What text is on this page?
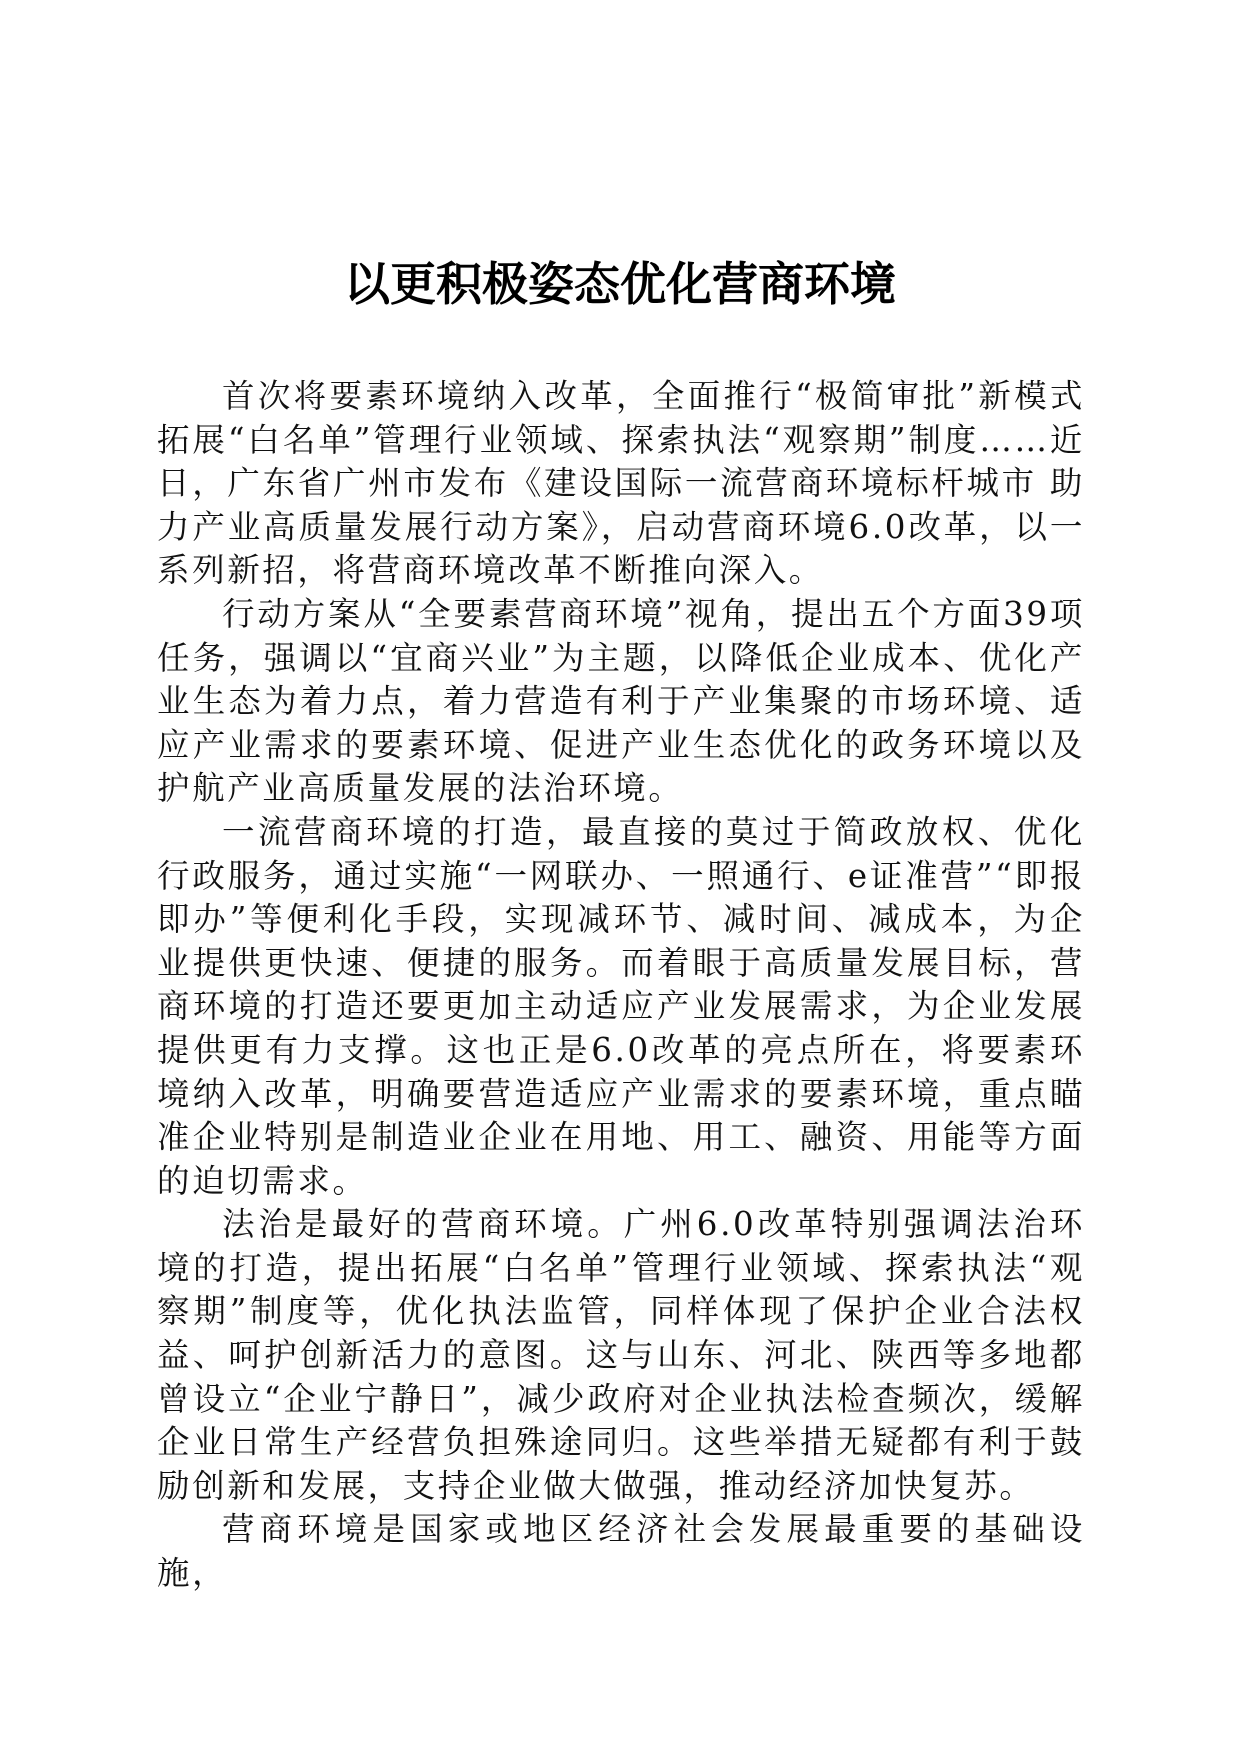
以更积极姿态优化营商环境

首次将要素环境纳入改革，全面推行“极简审批”新模式拓展“白名单”管理行业领域、探索执法“观察期”制度……近日，广东省广州市发布《建设国际一流营商环境标杆城市 助力产业高质量发展行动方案》，启动营商环境6.0改革，以一系列新招，将营商环境改革不断推向深入。

行动方案从“全要素营商环境”视角，提出五个方面39项任务，强调以“宜商兴业”为主题，以降低企业成本、优化产业生态为着力点，着力营造有利于产业集聚的市场环境、适应产业需求的要素环境、促进产业生态优化的政务环境以及护航产业高质量发展的法治环境。

一流营商环境的打造，最直接的莫过于简政放权、优化行政服务，通过实施“一网联办、一照通行、e证准营”“即报即办”等便利化手段，实现减环节、减时间、减成本，为企业提供更快速、便捷的服务。而着眼于高质量发展目标，营商环境的打造还要更加主动适应产业发展需求，为企业发展提供更有力支撑。这也正是6.0改革的亮点所在，将要素环境纳入改革，明确要营造适应产业需求的要素环境，重点瞄准企业特别是制造业企业在用地、用工、融资、用能等方面的迫切需求。

法治是最好的营商环境。广州6.0改革特别强调法治环境的打造，提出拓展“白名单”管理行业领域、探索执法“观察期”制度等，优化执法监管，同样体现了保护企业合法权益、呵护创新活力的意图。这与山东、河北、陕西等多地都曾设立“企业宁静日”，减少政府对企业执法检查频次，缓解企业日常生产经营负担殊途同归。这些举措无疑都有利于鼓励创新和发展，支持企业做大做强，推动经济加快复苏。

营商环境是国家或地区经济社会发展最重要的基础设施，
